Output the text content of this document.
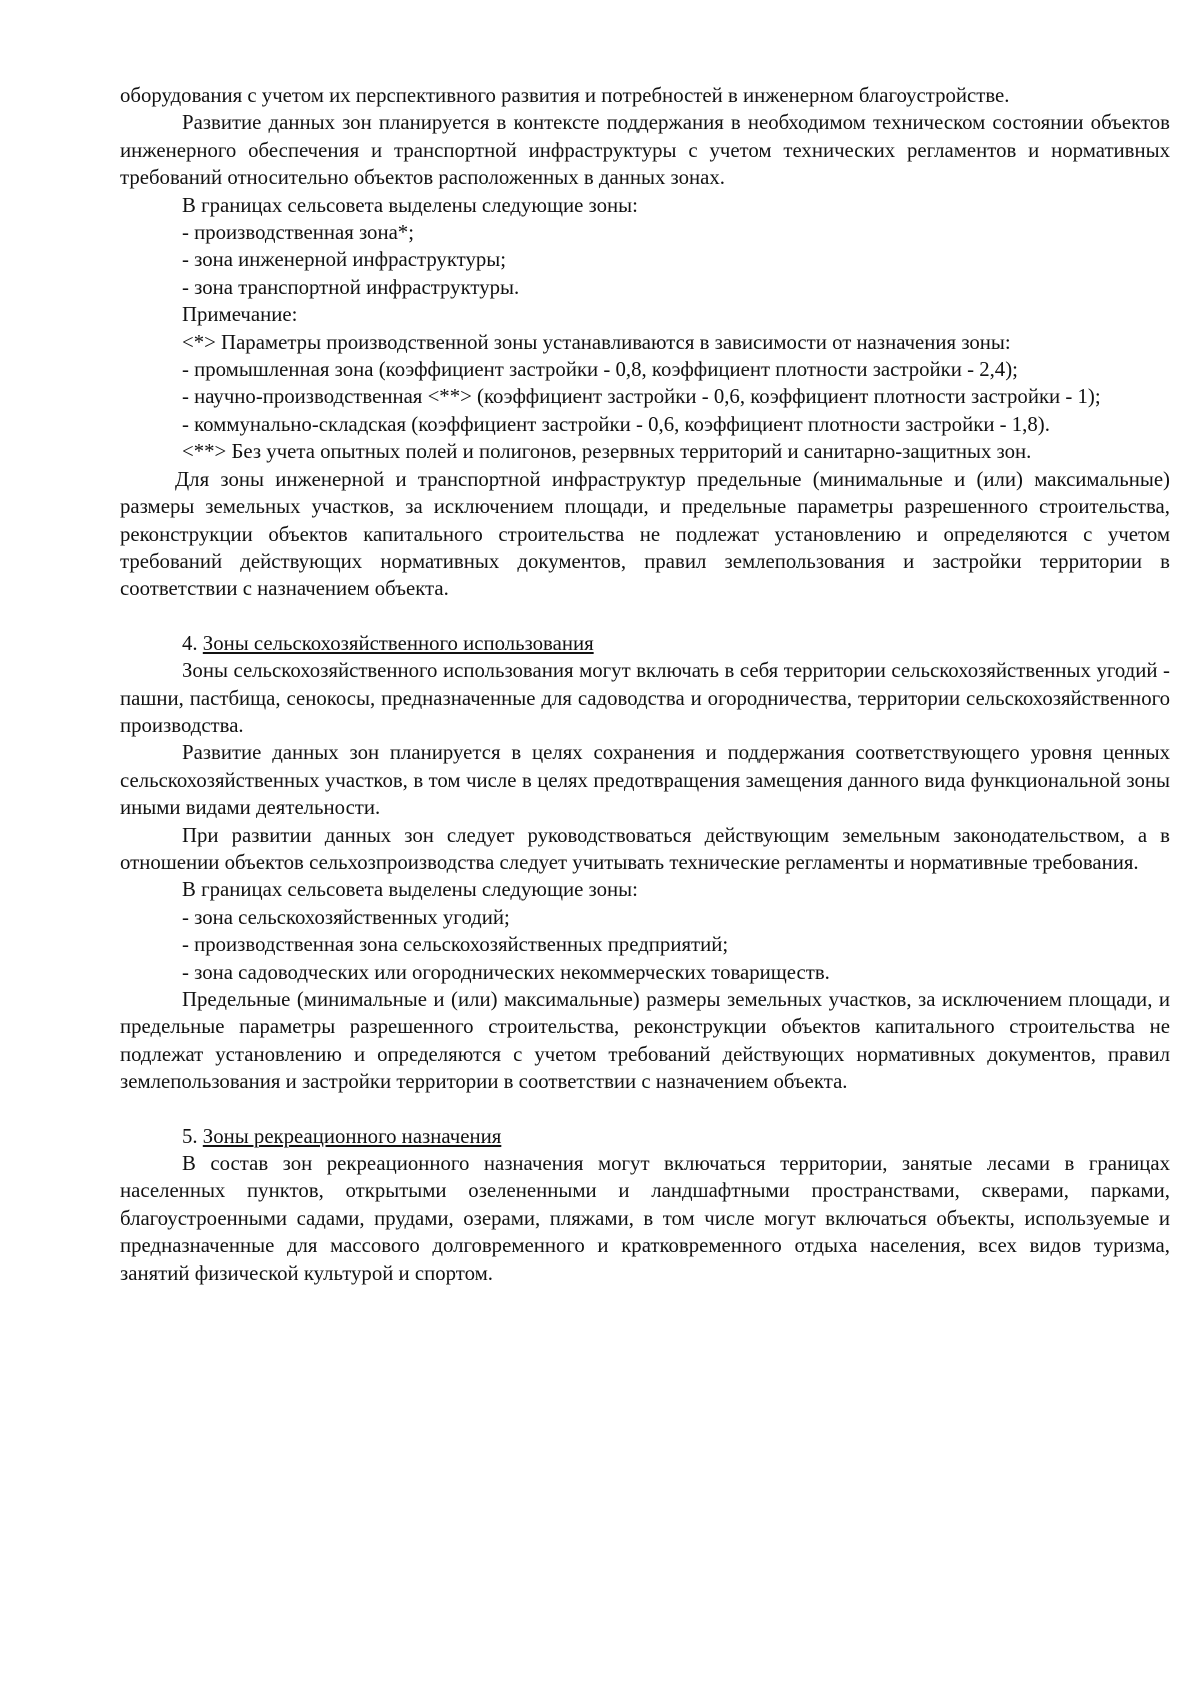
оборудования с учетом их перспективного развития и потребностей в инженерном благоустройстве.

Развитие данных зон планируется в контексте поддержания в необходимом техническом состоянии объектов инженерного обеспечения и транспортной инфраструктуры с учетом технических регламентов и нормативных требований относительно объектов расположенных в данных зонах.

В границах сельсовета выделены следующие зоны:

- производственная зона*;

- зона инженерной инфраструктуры;

- зона транспортной инфраструктуры.

Примечание:

<*> Параметры производственной зоны устанавливаются в зависимости от назначения зоны:

- промышленная зона (коэффициент застройки - 0,8, коэффициент плотности застройки - 2,4);

- научно-производственная <**> (коэффициент застройки - 0,6, коэффициент плотности застройки - 1);

- коммунально-складская (коэффициент застройки - 0,6, коэффициент плотности застройки - 1,8).

<**> Без учета опытных полей и полигонов, резервных территорий и санитарно-защитных зон.

Для зоны инженерной и транспортной инфраструктур предельные (минимальные и (или) максимальные) размеры земельных участков, за исключением площади, и предельные параметры разрешенного строительства, реконструкции объектов капитального строительства не подлежат установлению и определяются с учетом требований действующих нормативных документов, правил землепользования и застройки территории в соответствии с назначением объекта.

4. Зоны сельскохозяйственного использования

Зоны сельскохозяйственного использования могут включать в себя территории сельскохозяйственных угодий - пашни, пастбища, сенокосы, предназначенные для садоводства и огородничества, территории сельскохозяйственного производства.

Развитие данных зон планируется в целях сохранения и поддержания соответствующего уровня ценных сельскохозяйственных участков, в том числе в целях предотвращения замещения данного вида функциональной зоны иными видами деятельности.

При развитии данных зон следует руководствоваться действующим земельным законодательством, а в отношении объектов сельхозпроизводства следует учитывать технические регламенты и нормативные требования.

В границах сельсовета выделены следующие зоны:

- зона сельскохозяйственных угодий;

- производственная зона сельскохозяйственных предприятий;

- зона садоводческих или огороднических некоммерческих товариществ.

Предельные (минимальные и (или) максимальные) размеры земельных участков, за исключением площади, и предельные параметры разрешенного строительства, реконструкции объектов капитального строительства не подлежат установлению и определяются с учетом требований действующих нормативных документов, правил землепользования и застройки территории в соответствии с назначением объекта.

5. Зоны рекреационного назначения

В состав зон рекреационного назначения могут включаться территории, занятые лесами в границах населенных пунктов, открытыми озелененными и ландшафтными пространствами, скверами, парками, благоустроенными садами, прудами, озерами, пляжами, в том числе могут включаться объекты, используемые и предназначенные для массового долговременного и кратковременного отдыха населения, всех видов туризма, занятий физической культурой и спортом.
